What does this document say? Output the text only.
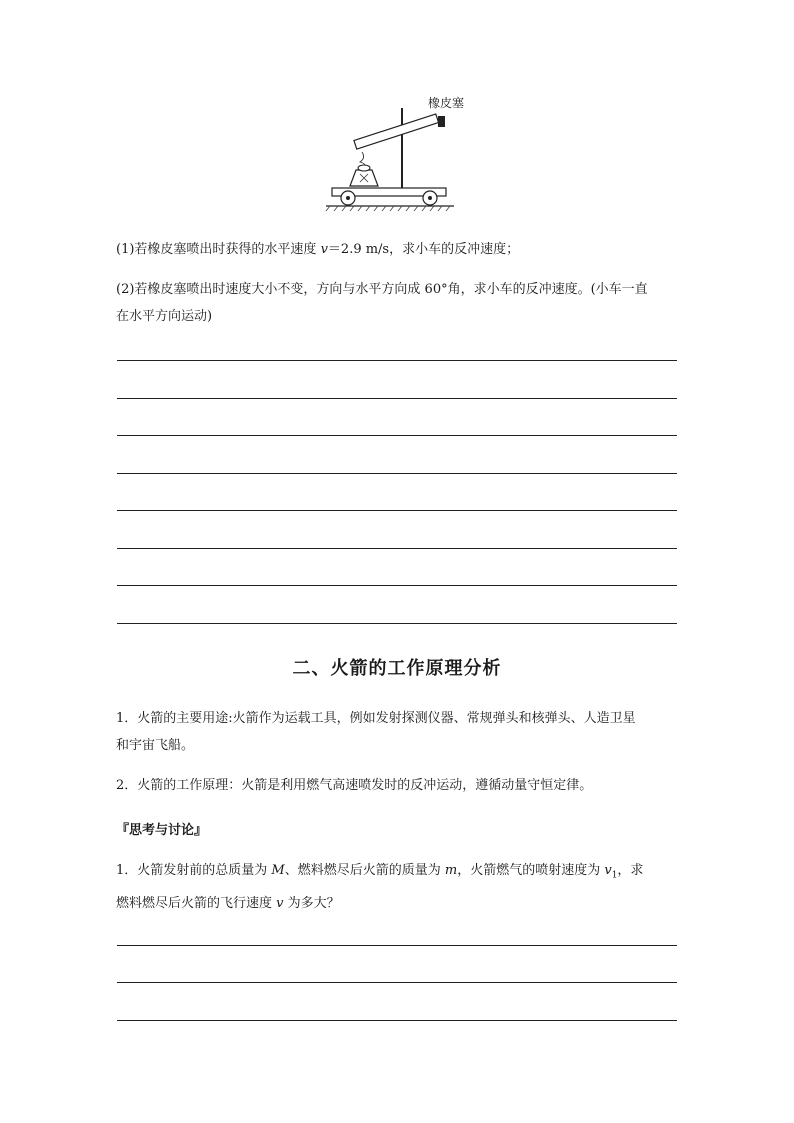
橡皮塞
(1)若橡皮塞喷出时获得的水平速度 v＝2.9 m/s，求小车的反冲速度；
(2)若橡皮塞喷出时速度大小不变，方向与水平方向成 60°角，求小车的反冲速度。(小车一直
在水平方向运动)
二、火箭的工作原理分析
1．火箭的主要用途:火箭作为运载工具，例如发射探测仪器、常规弹头和核弹头、人造卫星
和宇宙飞船。
2．火箭的工作原理：火箭是利用燃气高速喷发时的反冲运动，遵循动量守恒定律。
『思考与讨论』
1．火箭发射前的总质量为 M、燃料燃尽后火箭的质量为 m，火箭燃气的喷射速度为 $v_1$，求
燃料燃尽后火箭的飞行速度 v 为多大？
